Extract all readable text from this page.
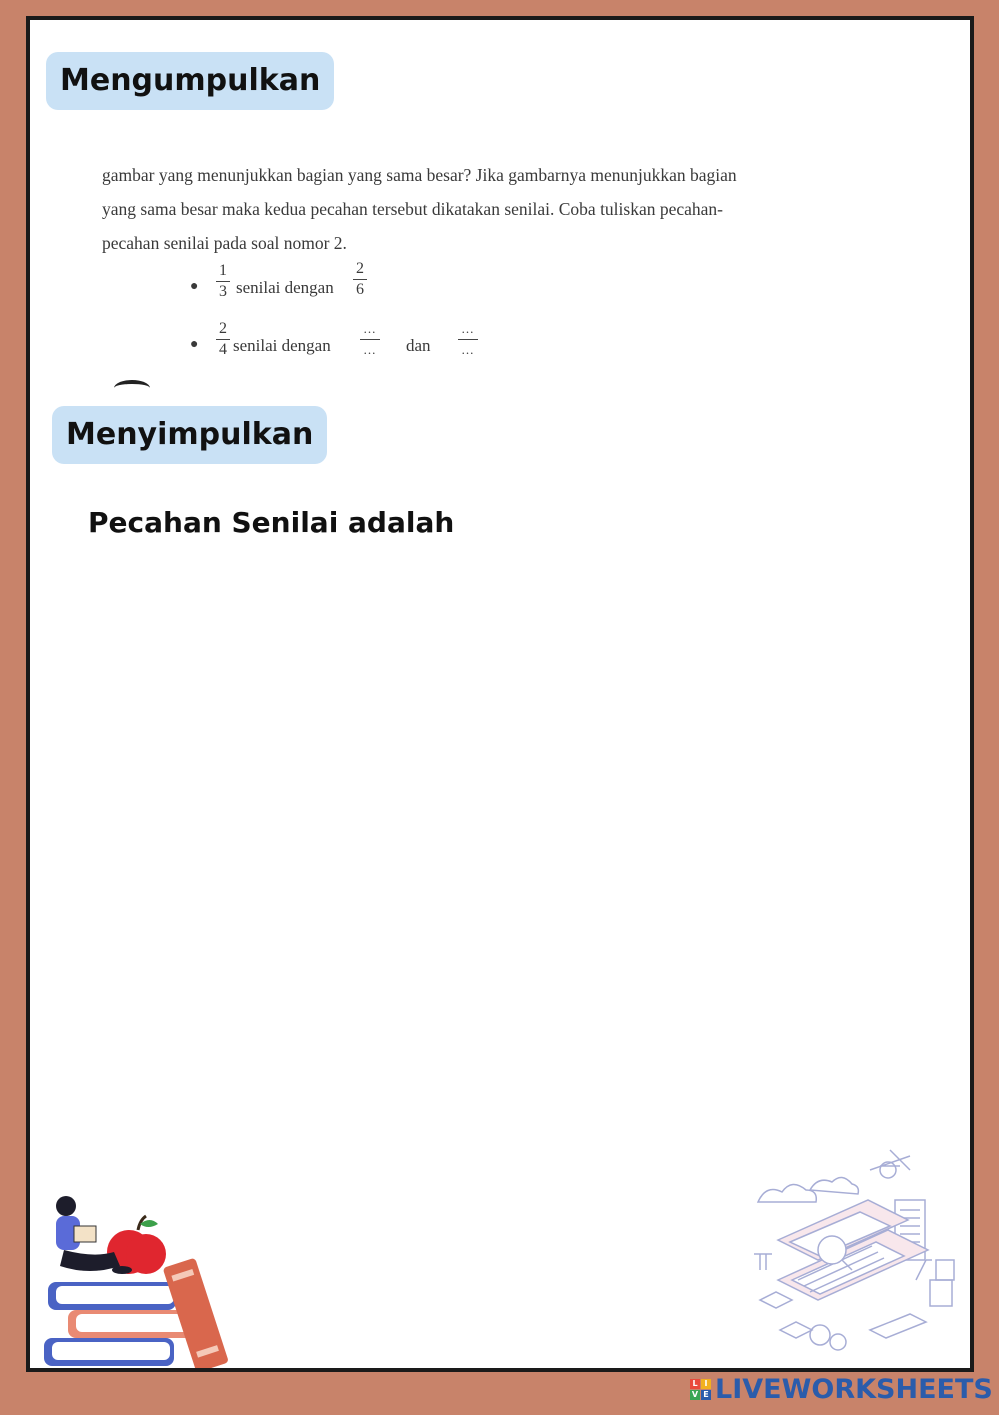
Mengumpulkan

gambar yang menunjukkan bagian yang sama besar? Jika gambarnya menunjukkan bagian

yang sama besar maka kedua pecahan tersebut dikatakan senilai. Coba tuliskan pecahan-

pecahan senilai pada soal nomor 2.

●
1
3 senilai dengan
2
6
●
2
4 senilai dengan
...
... dan
...
...
Menyimpulkan
Pecahan Senilai adalah
L I
V E LIVEWORKSHEETS
